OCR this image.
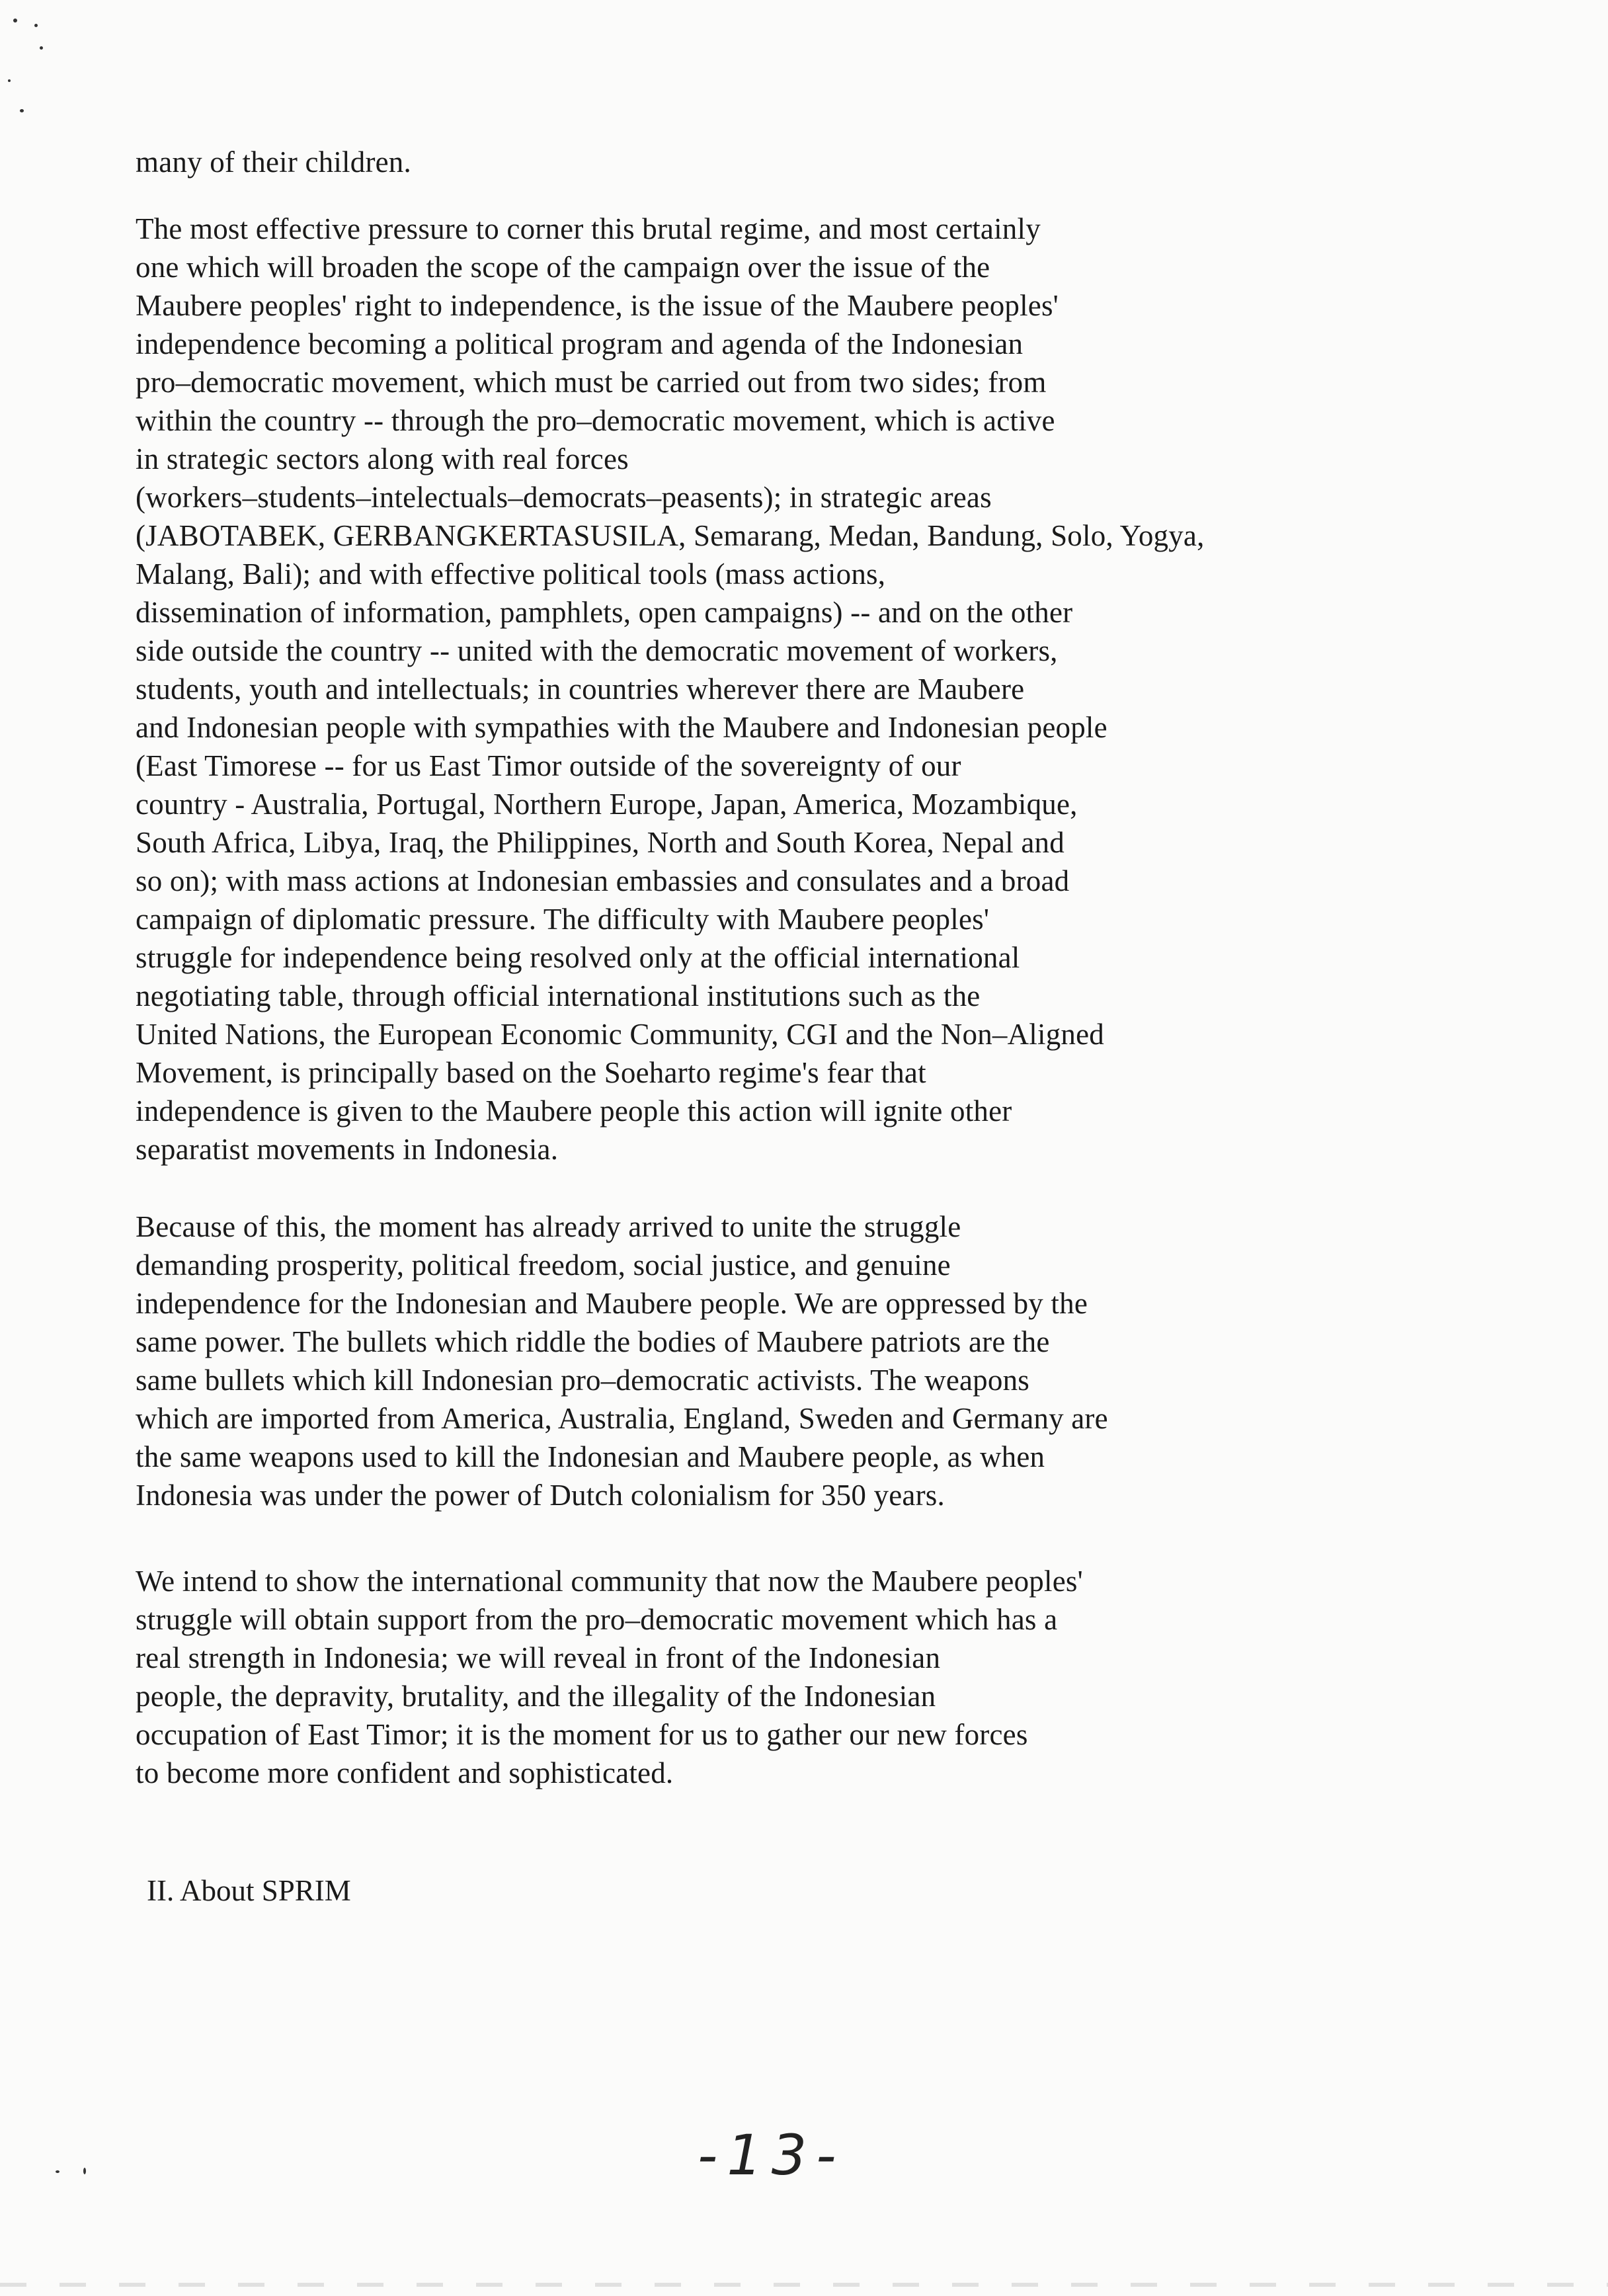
many of their children.
The most effective pressure to corner this brutal regime, and most certainly
one which will broaden the scope of the campaign over the issue of the
Maubere peoples' right to independence, is the issue of the Maubere peoples'
independence becoming a political program and agenda of the Indonesian
pro–democratic movement, which must be carried out from two sides; from
within the country -- through the pro–democratic movement, which is active
in strategic sectors along with real forces
(workers–students–intelectuals–democrats–peasents); in strategic areas
(JABOTABEK, GERBANGKERTASUSILA, Semarang, Medan, Bandung, Solo, Yogya,
Malang, Bali); and with effective political tools (mass actions,
dissemination of information, pamphlets, open campaigns) -- and on the other
side outside the country -- united with the democratic movement of workers,
students, youth and intellectuals; in countries wherever there are Maubere
and Indonesian people with sympathies with the Maubere and Indonesian people
(East Timorese -- for us East Timor outside of the sovereignty of our
country - Australia, Portugal, Northern Europe, Japan, America, Mozambique,
South Africa, Libya, Iraq, the Philippines, North and South Korea, Nepal and
so on); with mass actions at Indonesian embassies and consulates and a broad
campaign of diplomatic pressure. The difficulty with Maubere peoples'
struggle for independence being resolved only at the official international
negotiating table, through official international institutions such as the
United Nations, the European Economic Community, CGI and the Non–Aligned
Movement, is principally based on the Soeharto regime's fear that
independence is given to the Maubere people this action will ignite other
separatist movements in Indonesia.
Because of this, the moment has already arrived to unite the struggle
demanding prosperity, political freedom, social justice, and genuine
independence for the Indonesian and Maubere people. We are oppressed by the
same power. The bullets which riddle the bodies of Maubere patriots are the
same bullets which kill Indonesian pro–democratic activists. The weapons
which are imported from America, Australia, England, Sweden and Germany are
the same weapons used to kill the Indonesian and Maubere people, as when
Indonesia was under the power of Dutch colonialism for 350 years.
We intend to show the international community that now the Maubere peoples'
struggle will obtain support from the pro–democratic movement which has a
real strength in Indonesia; we will reveal in front of the Indonesian
people, the depravity, brutality, and the illegality of the Indonesian
occupation of East Timor; it is the moment for us to gather our new forces
to become more confident and sophisticated.
II. About SPRIM
-13-
